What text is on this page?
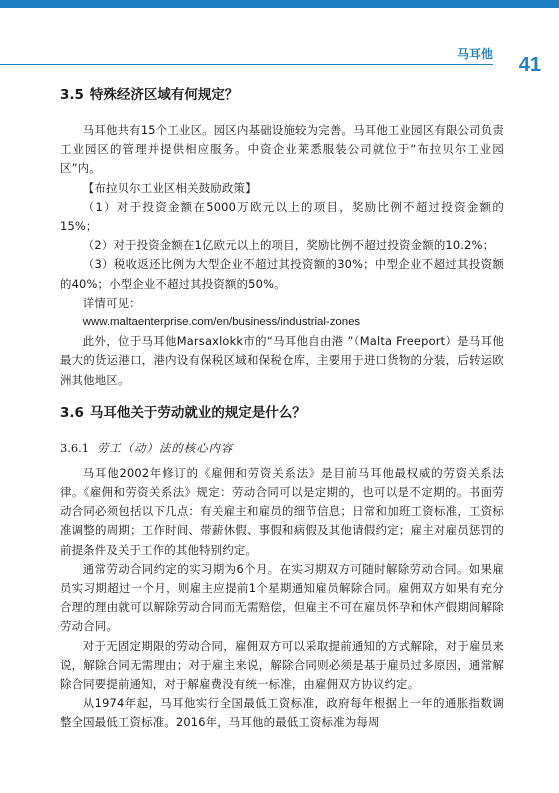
马耳他 41
3.5 特殊经济区域有何规定？

马耳他共有15个工业区。园区内基础设施较为完善。马耳他工业园区有限公司负责工业园区的管理并提供相应服务。中资企业莱悉服装公司就位于“布拉贝尔工业园区”内。

【布拉贝尔工业区相关鼓励政策】

（1）对于投资金额在5000万欧元以上的项目，奖励比例不超过投资金额的15%；

（2）对于投资金额在1亿欧元以上的项目，奖励比例不超过投资金额的10.2%；

（3）税收返还比例为大型企业不超过其投资额的30%；中型企业不超过其投资额的40%；小型企业不超过其投资额的50%。

详情可见：

www.maltaenterprise.com/en/business/industrial-zones

此外，位于马耳他Marsaxlokk市的“马耳他自由港 ”（Malta Freeport）是马耳他最大的货运港口，港内设有保税区域和保税仓库，主要用于进口货物的分装，后转运欧洲其他地区。

3.6 马耳他关于劳动就业的规定是什么？
3.6.1 劳工（动）法的核心内容

马耳他2002年修订的《雇佣和劳资关系法》是目前马耳他最权威的劳资关系法律。《雇佣和劳资关系法》规定：劳动合同可以是定期的，也可以是不定期的。书面劳动合同必须包括以下几点：有关雇主和雇员的细节信息；日常和加班工资标准，工资标准调整的周期；工作时间、带薪休假、事假和病假及其他请假约定；雇主对雇员惩罚的前提条件及关于工作的其他特别约定。

通常劳动合同约定的实习期为6个月。在实习期双方可随时解除劳动合同。如果雇员实习期超过一个月，则雇主应提前1个星期通知雇员解除合同。雇佣双方如果有充分合理的理由就可以解除劳动合同而无需赔偿，但雇主不可在雇员怀孕和休产假期间解除劳动合同。

对于无固定期限的劳动合同，雇佣双方可以采取提前通知的方式解除，对于雇员来说，解除合同无需理由；对于雇主来说，解除合同则必须是基于雇员过多原因，通常解除合同要提前通知，对于解雇费没有统一标准，由雇佣双方协议约定。

从1974年起，马耳他实行全国最低工资标准，政府每年根据上一年的通胀指数调整全国最低工资标准。2016年，马耳他的最低工资标准为每周
